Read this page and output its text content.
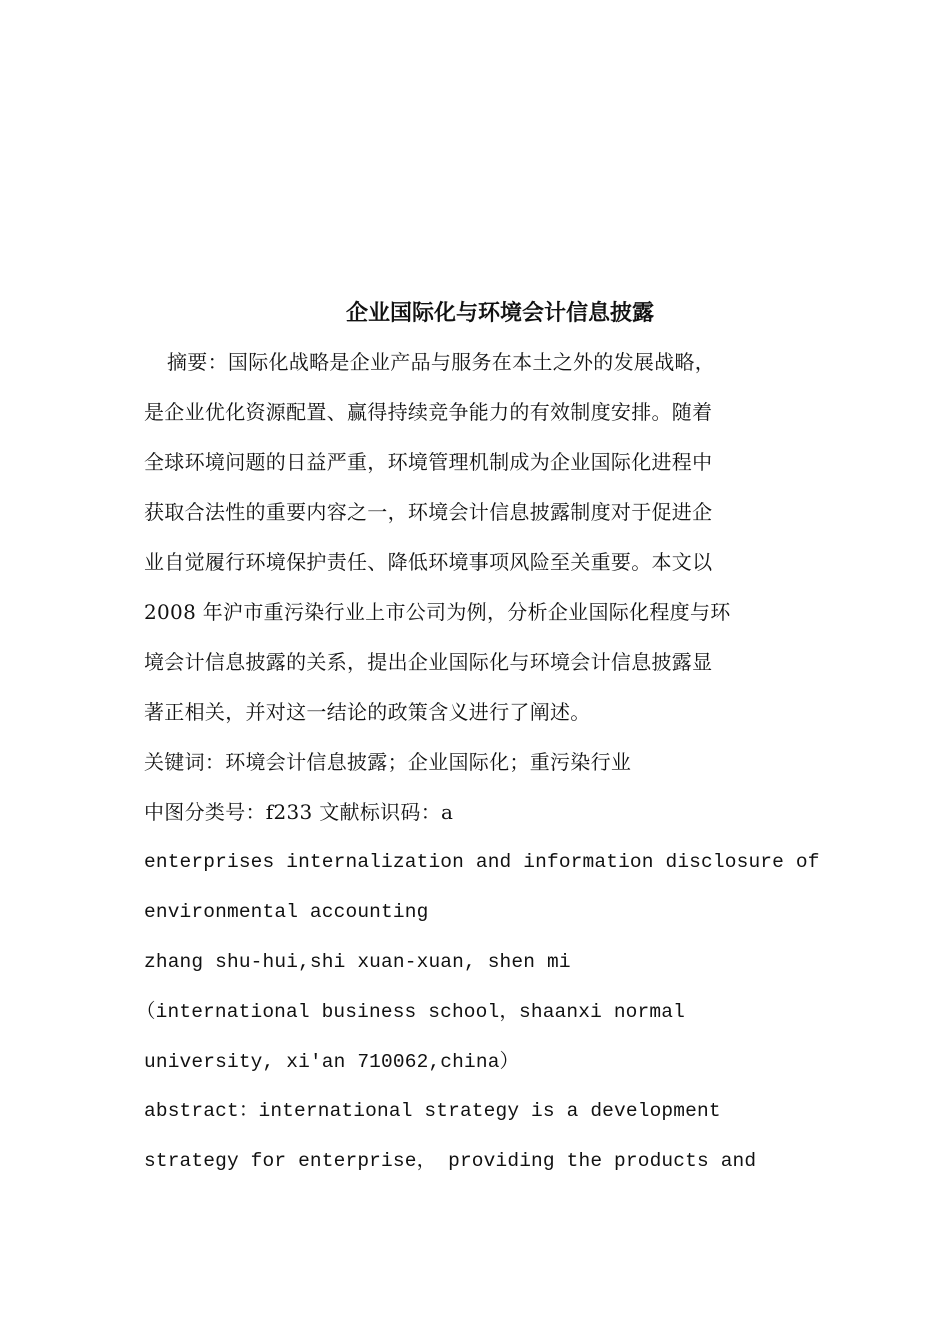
企业国际化与环境会计信息披露
摘要：国际化战略是企业产品与服务在本土之外的发展战略，
是企业优化资源配置、赢得持续竞争能力的有效制度安排。随着
全球环境问题的日益严重，环境管理机制成为企业国际化进程中
获取合法性的重要内容之一，环境会计信息披露制度对于促进企
业自觉履行环境保护责任、降低环境事项风险至关重要。本文以
2008 年沪市重污染行业上市公司为例，分析企业国际化程度与环
境会计信息披露的关系，提出企业国际化与环境会计信息披露显
著正相关，并对这一结论的政策含义进行了阐述。
关键词：环境会计信息披露；企业国际化；重污染行业
中图分类号：f233 文献标识码：a
enterprises internalization and information disclosure of
environmental accounting
zhang shu-hui,shi xuan-xuan, shen mi
（international business school，shaanxi normal
university, xi′an 710062,china）
abstract：international strategy is a development
strategy for enterprise， providing the products and
